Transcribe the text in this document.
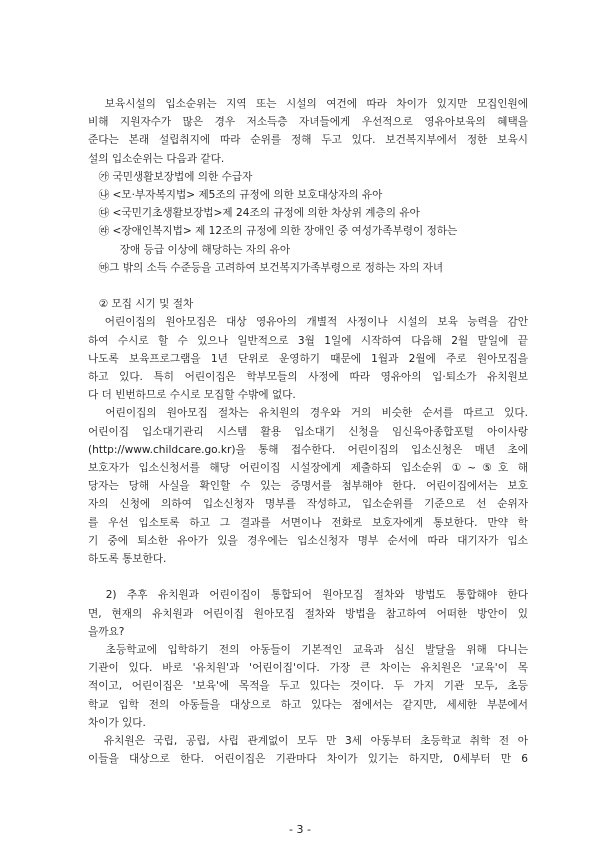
　보육시설의 입소순위는 지역 또는 시설의 여건에 따라 차이가 있지만 모집인원에
비해 지원자수가 많은 경우 저소득층 자녀들에게 우선적으로 영유아보육의 혜택을
준다는 본래 설립취지에 따라 순위를 정해 두고 있다. 보건복지부에서 정한 보육시
설의 입소순위는 다음과 같다.
　㉮ 국민생활보장법에 의한 수급자
　㉯ <모·부자복지법> 제5조의 규정에 의한 보호대상자의 유아
　㉰ <국민기초생활보장법>제 24조의 규정에 의한 차상위 계층의 유아
　㉱ <장애인복지법> 제 12조의 규정에 의한 장애인 중 여성가족부령이 정하는
　　　장애 등급 이상에 해당하는 자의 유아
　㉲그 밖의 소득 수준등을 고려하여 보건복지가족부령으로 정하는 자의 자녀
　② 모집 시기 및 절차
　어린이집의 원아모집은 대상 영유아의 개별적 사정이나 시설의 보육 능력을 감안
하여 수시로 할 수 있으나 일반적으로 3월 1일에 시작하여 다음해 2월 말일에 끝
나도록 보육프로그램을 1년 단위로 운영하기 때문에 1월과 2월에 주로 원아모집을
하고 있다. 특히 어린이집은 학부모들의 사정에 따라 영유아의 입·퇴소가 유치원보
다 더 빈번하므로 수시로 모집할 수밖에 없다.
　어린이집의 원아모집 절차는 유치원의 경우와 거의 비슷한 순서를 따르고 있다.
어린이집 입소대기관리 시스템 활용 입소대기 신청을 임신육아종합포털 아이사랑
(http://www.childcare.go.kr)을 통해 접수한다. 어린이집의 입소신청은 매년 초에
보호자가 입소신청서를 해당 어린이집 시설장에게 제출하되 입소순위 ①~⑤호 해
당자는 당해 사실을 확인할 수 있는 증명서를 첨부해야 한다. 어린이집에서는 보호
자의 신청에 의하여 입소신청자 명부를 작성하고, 입소순위를 기준으로 선 순위자
를 우선 입소토록 하고 그 결과를 서면이나 전화로 보호자에게 통보한다. 만약 학
기 중에 퇴소한 유아가 있을 경우에는 입소신청자 명부 순서에 따라 대기자가 입소
하도록 통보한다.
　2) 추후 유치원과 어린이집이 통합되어 원아모집 절차와 방법도 통합해야 한다
면, 현재의 유치원과 어린이집 원아모집 절차와 방법을 참고하여 어떠한 방안이 있
을까요?
　초등학교에 입학하기 전의 아동들이 기본적인 교육과 심신 발달을 위해 다니는
기관이 있다. 바로 '유치원'과 '어린이집'이다. 가장 큰 차이는 유치원은 '교육'이 목
적이고, 어린이집은 '보육'에 목적을 두고 있다는 것이다. 두 가지 기관 모두, 초등
학교 입학 전의 아동들을 대상으로 하고 있다는 점에서는 같지만, 세세한 부분에서
차이가 있다.
　유치원은 국립, 공립, 사립 관계없이 모두 만 3세 아동부터 초등학교 취학 전 아
이들을 대상으로 한다. 어린이집은 기관마다 차이가 있기는 하지만, 0세부터 만 6
- 3 -
